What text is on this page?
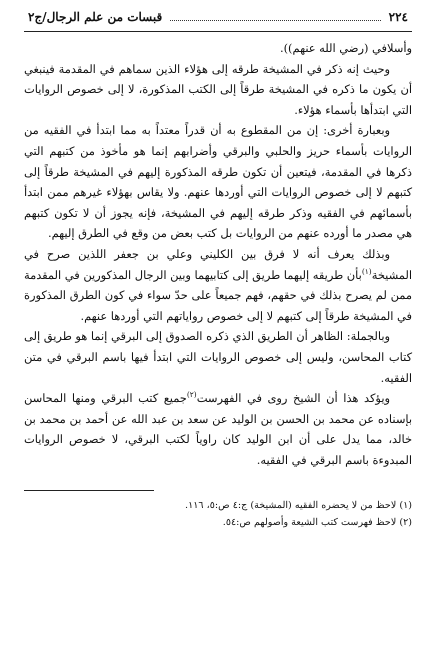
٢٢٤
قبسات من علم الرجال/ج٢

وأسلافي (رضي الله عنهم)).

وحيث إنه ذكر في المشيخة طرقه إلى هؤلاء الذين سماهم في المقدمة فينبغي أن يكون ما ذكره في المشيخة طرقاً إلى الكتب المذكورة، لا إلى خصوص الروايات التي ابتدأها بأسماء هؤلاء.

وبعبارة أخرى: إن من المقطوع به أن قدراً معتداً به مما ابتدأ في الفقيه من الروايات بأسماء حريز والحلبي والبرقي وأضرابهم إنما هو مأخوذ من كتبهم التي ذكرها في المقدمة، فيتعين أن تكون طرقه المذكورة إليهم في المشيخة طرقاً إلى كتبهم لا إلى خصوص الروايات التي أوردها عنهم. ولا يقاس بهؤلاء غيرهم ممن ابتدأ بأسمائهم في الفقيه وذكر طرقه إليهم في المشيخة، فإنه يجوز أن لا تكون كتبهم هي مصدر ما أورده عنهم من الروايات بل كتب بعض من وقع في الطرق إليهم.

وبذلك يعرف أنه لا فرق بين الكليني وعلي بن جعفر اللذين صرح في المشيخة$^{(١)}$بأن طريقه إليهما طريق إلى كتابيهما وبين الرجال المذكورين في المقدمة ممن لم يصرح بذلك في حقهم، فهم جميعاً على حدّ سواء في كون الطرق المذكورة في المشيخة طرقاً إلى كتبهم لا إلى خصوص رواياتهم التي أوردها عنهم.

وبالجملة: الظاهر أن الطريق الذي ذكره الصدوق إلى البرقي إنما هو طريق إلى كتاب المحاسن، وليس إلى خصوص الروايات التي ابتدأ فيها باسم البرقي في متن الفقيه.

ويؤكد هذا أن الشيخ روى في الفهرست$^{(٢)}$جميع كتب البرقي ومنها المحاسن بإسناده عن محمد بن الحسن بن الوليد عن سعد بن عبد الله عن أحمد بن محمد بن خالد، مما يدل على أن ابن الوليد كان راوياً لكتب البرقي، لا خصوص الروايات المبدوءة باسم البرقي في الفقيه.

(١) لاحظ من لا يحضره الفقيه (المشيخة) ج:٤ ص:٥، ١١٦.

(٢) لاحظ فهرست كتب الشيعة وأصولهم ص:٥٤.
